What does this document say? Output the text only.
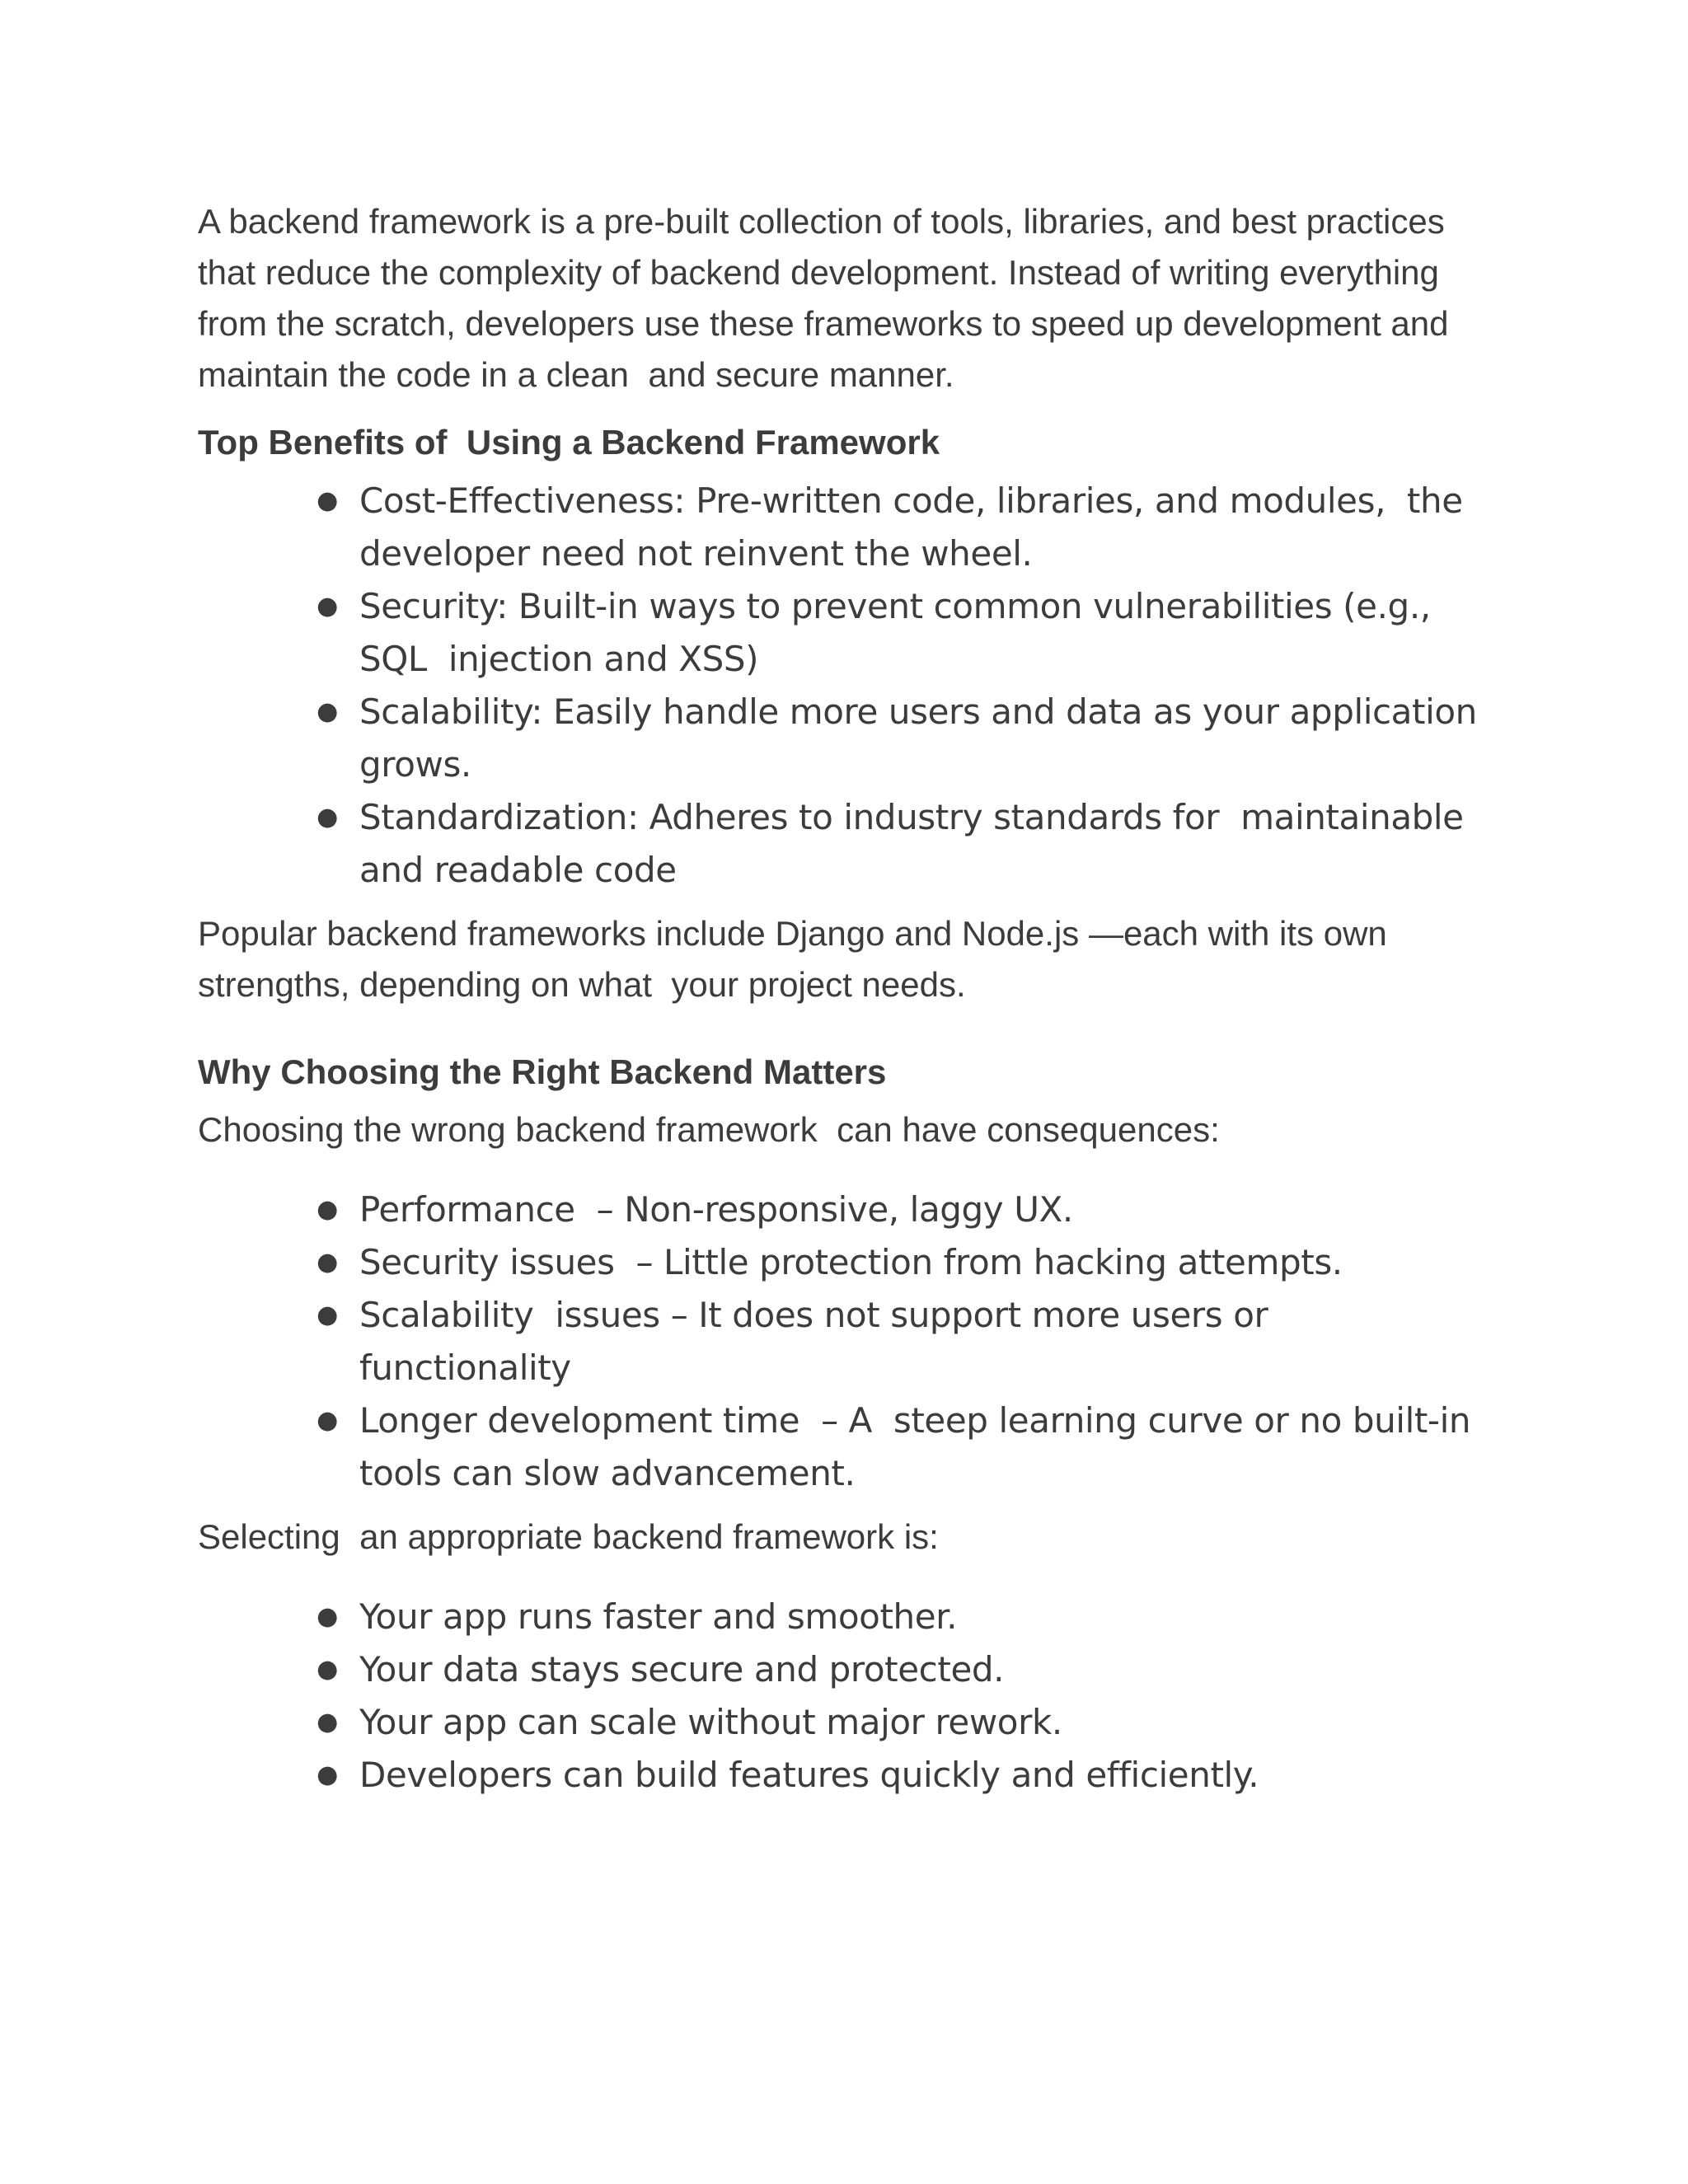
A backend framework is a pre-built collection of tools, libraries, and best practices that reduce the complexity of backend development. Instead of writing everything from the scratch, developers use these frameworks to speed up development and maintain the code in a clean  and secure manner.

Top Benefits of  Using a Backend Framework
● Cost-Effectiveness: Pre-written code, libraries, and modules,  the developer need not reinvent the wheel.
● Security: Built-in ways to prevent common vulnerabilities (e.g., SQL  injection and XSS)
● Scalability: Easily handle more users and data as your application grows.
● Standardization: Adheres to industry standards for  maintainable and readable code

Popular backend frameworks include Django and Node.js —each with its own strengths, depending on what  your project needs.

Why Choosing the Right Backend Matters

Choosing the wrong backend framework  can have consequences:

● Performance  – Non-responsive, laggy UX.
● Security issues  – Little protection from hacking attempts.
● Scalability  issues – It does not support more users or functionality
● Longer development time  – A  steep learning curve or no built-in tools can slow advancement.

Selecting  an appropriate backend framework is:

● Your app runs faster and smoother.
● Your data stays secure and protected.
● Your app can scale without major rework.
● Developers can build features quickly and efficiently.
